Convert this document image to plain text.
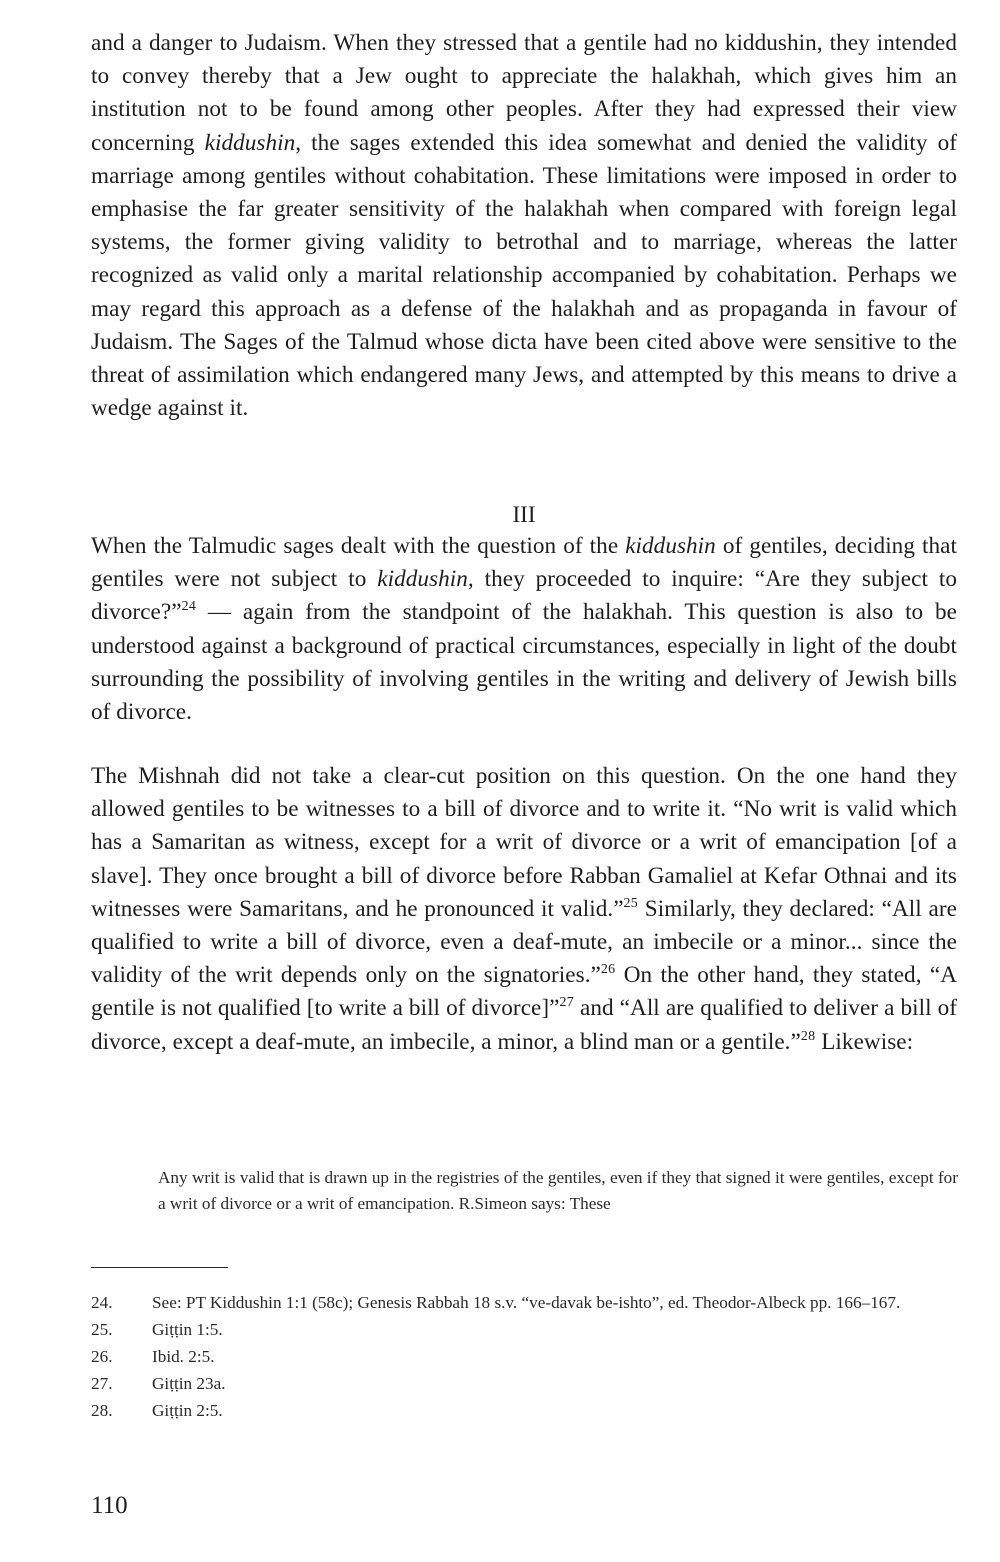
and a danger to Judaism. When they stressed that a gentile had no kiddushin, they intended to convey thereby that a Jew ought to appreciate the halakhah, which gives him an institution not to be found among other peoples. After they had expressed their view concerning kiddushin, the sages extended this idea somewhat and denied the validity of marriage among gentiles without cohabitation. These limitations were imposed in order to emphasise the far greater sensitivity of the halakhah when compared with foreign legal systems, the former giving validity to betrothal and to marriage, whereas the latter recognized as valid only a marital relationship accompanied by cohabitation. Perhaps we may regard this approach as a defense of the halakhah and as propaganda in favour of Judaism. The Sages of the Talmud whose dicta have been cited above were sensitive to the threat of assimilation which endangered many Jews, and attempted by this means to drive a wedge against it.

III

When the Talmudic sages dealt with the question of the kiddushin of gentiles, deciding that gentiles were not subject to kiddushin, they proceeded to inquire: “Are they subject to divorce?”$^{24}$ — again from the standpoint of the halakhah. This question is also to be understood against a background of practical circumstances, especially in light of the doubt surrounding the possibility of involving gentiles in the writing and delivery of Jewish bills of divorce.

The Mishnah did not take a clear-cut position on this question. On the one hand they allowed gentiles to be witnesses to a bill of divorce and to write it. “No writ is valid which has a Samaritan as witness, except for a writ of divorce or a writ of emancipation [of a slave]. They once brought a bill of divorce before Rabban Gamaliel at Kefar Othnai and its witnesses were Samaritans, and he pronounced it valid.”$^{25}$ Similarly, they declared: “All are qualified to write a bill of divorce, even a deaf-mute, an imbecile or a minor... since the validity of the writ depends only on the signatories.”$^{26}$ On the other hand, they stated, “A gentile is not qualified [to write a bill of divorce]”$^{27}$ and “All are qualified to deliver a bill of divorce, except a deaf-mute, an imbecile, a minor, a blind man or a gentile.”$^{28}$ Likewise:

Any writ is valid that is drawn up in the registries of the gentiles, even if they that signed it were gentiles, except for a writ of divorce or a writ of emancipation. R.Simeon says: These

24. See: PT Kiddushin 1:1 (58c); Genesis Rabbah 18 s.v. “ve-davak be-ishto”, ed. Theodor-Albeck pp. 166–167.
25. Giṭṭin 1:5.
26. Ibid. 2:5.
27. Giṭṭin 23a.
28. Giṭṭin 2:5.

110
